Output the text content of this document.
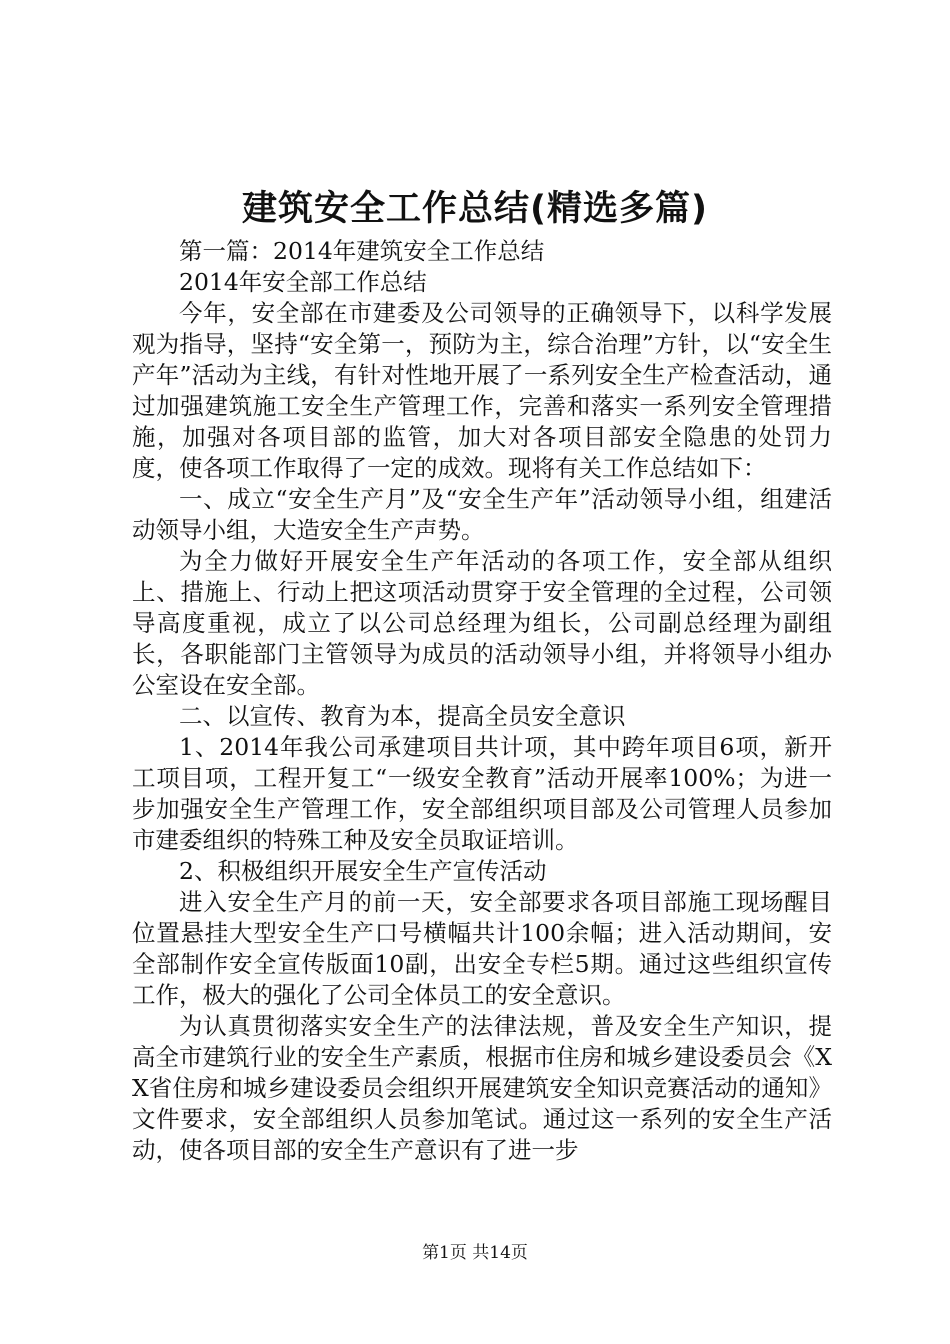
建筑安全工作总结(精选多篇)

第一篇：2014年建筑安全工作总结

2014年安全部工作总结

今年，安全部在市建委及公司领导的正确领导下，以科学发展观为指导，坚持“安全第一，预防为主，综合治理”方针，以“安全生产年”活动为主线，有针对性地开展了一系列安全生产检查活动，通过加强建筑施工安全生产管理工作，完善和落实一系列安全管理措施，加强对各项目部的监管，加大对各项目部安全隐患的处罚力度，使各项工作取得了一定的成效。现将有关工作总结如下：

一、成立“安全生产月”及“安全生产年”活动领导小组，组建活动领导小组，大造安全生产声势。

为全力做好开展安全生产年活动的各项工作，安全部从组织上、措施上、行动上把这项活动贯穿于安全管理的全过程，公司领导高度重视，成立了以公司总经理为组长，公司副总经理为副组长，各职能部门主管领导为成员的活动领导小组，并将领导小组办公室设在安全部。

二、以宣传、教育为本，提高全员安全意识

1、2014年我公司承建项目共计项，其中跨年项目6项，新开工项目项，工程开复工“一级安全教育”活动开展率100%；为进一步加强安全生产管理工作，安全部组织项目部及公司管理人员参加市建委组织的特殊工种及安全员取证培训。

2、积极组织开展安全生产宣传活动

进入安全生产月的前一天，安全部要求各项目部施工现场醒目位置悬挂大型安全生产口号横幅共计100余幅；进入活动期间，安全部制作安全宣传版面10副，出安全专栏5期。通过这些组织宣传工作，极大的强化了公司全体员工的安全意识。

为认真贯彻落实安全生产的法律法规，普及安全生产知识，提高全市建筑行业的安全生产素质，根据市住房和城乡建设委员会《XX省住房和城乡建设委员会组织开展建筑安全知识竞赛活动的通知》文件要求，安全部组织人员参加笔试。通过这一系列的安全生产活动，使各项目部的安全生产意识有了进一步

第1页 共14页
